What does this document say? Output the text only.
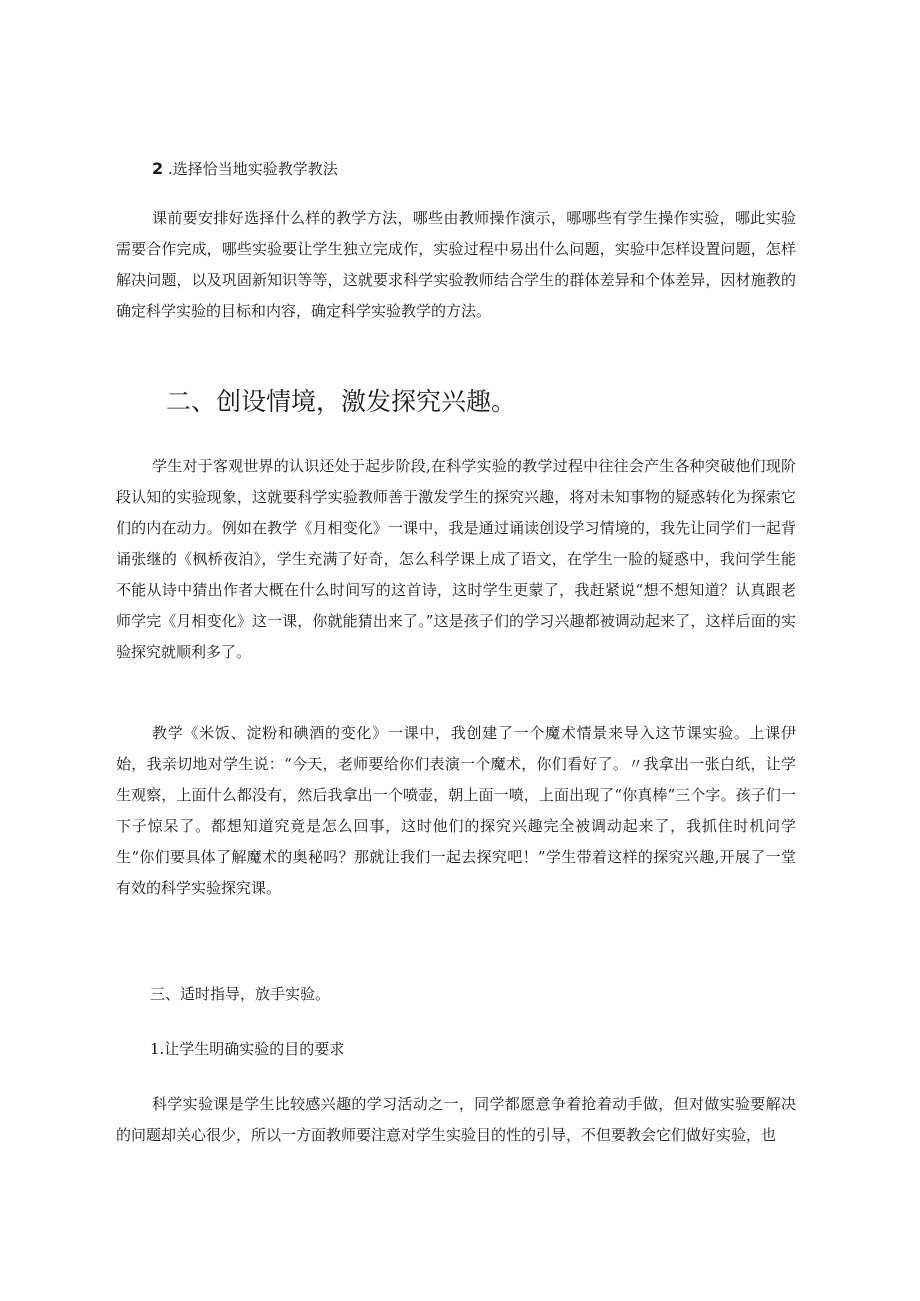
2 .选择恰当地实验教学教法
课前要安排好选择什么样的教学方法，哪些由教师操作演示，哪哪些有学生操作实验，哪此实验需要合作完成，哪些实验要让学生独立完成作，实验过程中易出什么问题，实验中怎样设置问题，怎样解决问题，以及巩固新知识等等，这就要求科学实验教师结合学生的群体差异和个体差异，因材施教的确定科学实验的目标和内容，确定科学实验教学的方法。
二、创设情境，激发探究兴趣。
学生对于客观世界的认识还处于起步阶段,在科学实验的教学过程中往往会产生各种突破他们现阶段认知的实验现象，这就要科学实验教师善于激发学生的探究兴趣，将对未知事物的疑惑转化为探索它们的内在动力。例如在教学《月相变化》一课中，我是通过诵读创设学习情境的，我先让同学们一起背诵张继的《枫桥夜泊》，学生充满了好奇，怎么科学课上成了语文，在学生一脸的疑惑中，我问学生能不能从诗中猜出作者大概在什么时间写的这首诗，这时学生更蒙了，我赶紧说“想不想知道？认真跟老师学完《月相变化》这一课，你就能猜出来了。”这是孩子们的学习兴趣都被调动起来了，这样后面的实验探究就顺利多了。
教学《米饭、淀粉和碘酒的变化》一课中，我创建了一个魔术情景来导入这节课实验。上课伊始，我亲切地对学生说：“今天，老师要给你们表演一个魔术，你们看好了。〃我拿出一张白纸，让学生观察，上面什么都没有，然后我拿出一个喷壶，朝上面一喷，上面出现了“你真棒”三个字。孩子们一下子惊呆了。都想知道究竟是怎么回事，这时他们的探究兴趣完全被调动起来了，我抓住时机问学生“你们要具体了解魔术的奥秘吗？那就让我们一起去探究吧！”学生带着这样的探究兴趣,开展了一堂有效的科学实验探究课。
三、适时指导，放手实验。
1.让学生明确实验的目的要求
科学实验课是学生比较感兴趣的学习活动之一，同学都愿意争着抢着动手做，但对做实验要解决的问题却关心很少，所以一方面教师要注意对学生实验目的性的引导，不但要教会它们做好实验，也
